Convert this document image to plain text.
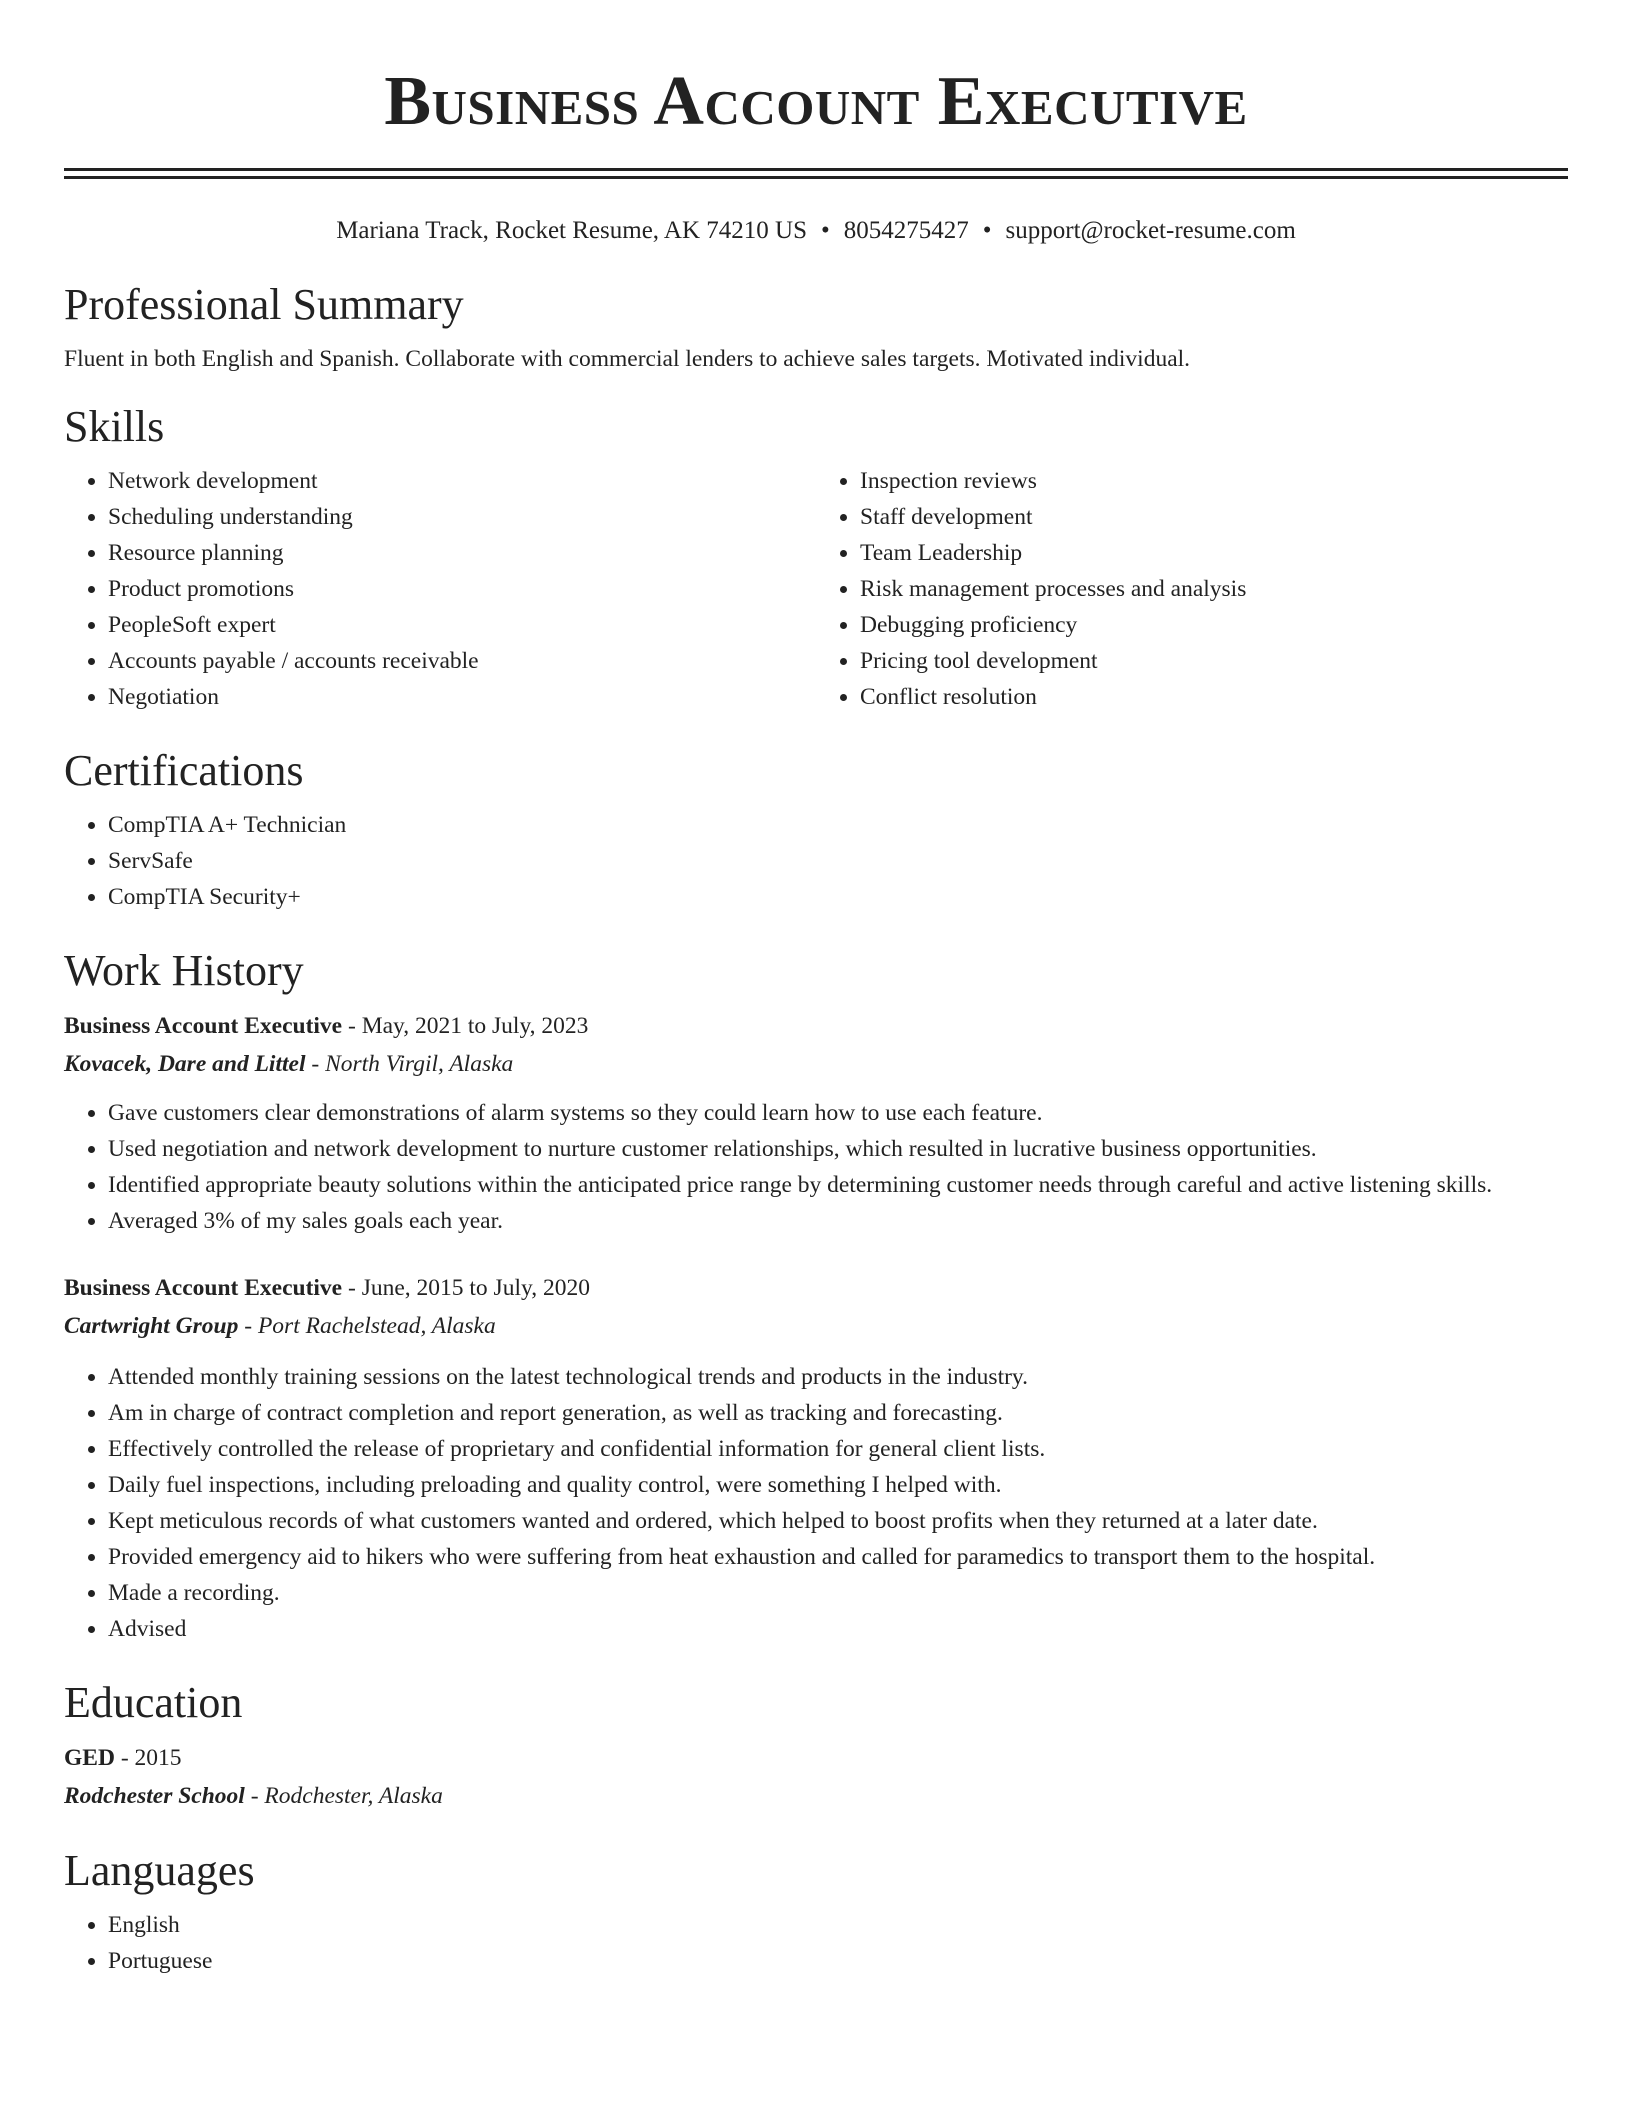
Business Account Executive
Mariana Track, Rocket Resume, AK 74210 US • 8054275427 • support@rocket-resume.com
Professional Summary

Fluent in both English and Spanish. Collaborate with commercial lenders to achieve sales targets. Motivated individual.

Skills
• Network development
• Scheduling understanding
• Resource planning
• Product promotions
• PeopleSoft expert
• Accounts payable / accounts receivable
• Negotiation
• Inspection reviews
• Staff development
• Team Leadership
• Risk management processes and analysis
• Debugging proficiency
• Pricing tool development
• Conflict resolution
Certifications
• CompTIA A+ Technician
• ServSafe
• CompTIA Security+
Work History
Business Account Executive - May, 2021 to July, 2023
Kovacek, Dare and Littel - North Virgil, Alaska
• Gave customers clear demonstrations of alarm systems so they could learn how to use each feature.
• Used negotiation and network development to nurture customer relationships, which resulted in lucrative business opportunities.
• Identified appropriate beauty solutions within the anticipated price range by determining customer needs through careful and active listening skills.
• Averaged 3% of my sales goals each year.
Business Account Executive - June, 2015 to July, 2020
Cartwright Group - Port Rachelstead, Alaska
• Attended monthly training sessions on the latest technological trends and products in the industry.
• Am in charge of contract completion and report generation, as well as tracking and forecasting.
• Effectively controlled the release of proprietary and confidential information for general client lists.
• Daily fuel inspections, including preloading and quality control, were something I helped with.
• Kept meticulous records of what customers wanted and ordered, which helped to boost profits when they returned at a later date.
• Provided emergency aid to hikers who were suffering from heat exhaustion and called for paramedics to transport them to the hospital.
• Made a recording.
• Advised
Education
GED - 2015
Rodchester School - Rodchester, Alaska
Languages
• English
• Portuguese
